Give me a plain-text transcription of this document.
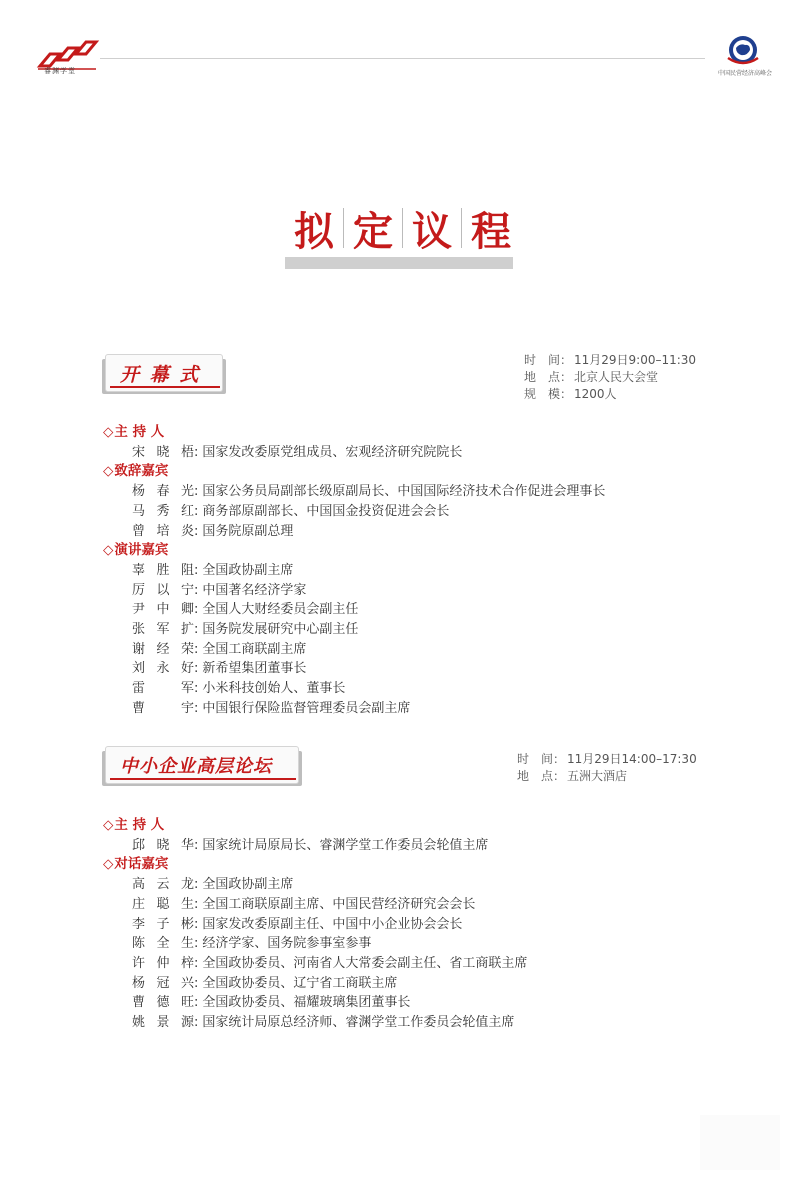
睿渊学堂	中国民营经济高峰会
拟 定 议 程
开 幕 式
时　间： 11月29日9:00–11:30
地　点： 北京人民大会堂
规　模： 1200人
◇主 持 人
宋晓梧: 国家发改委原党组成员、宏观经济研究院院长
◇致辞嘉宾
杨春光: 国家公务员局副部长级原副局长、中国国际经济技术合作促进会理事长
马秀红: 商务部原副部长、中国国金投资促进会会长
曾培炎: 国务院原副总理
◇演讲嘉宾
辜胜阻: 全国政协副主席
厉以宁: 中国著名经济学家
尹中卿: 全国人大财经委员会副主任
张军扩: 国务院发展研究中心副主任
谢经荣: 全国工商联副主席
刘永好: 新希望集团董事长
雷　军: 小米科技创始人、董事长
曹　宇: 中国银行保险监督管理委员会副主席
中小企业高层论坛	时　间： 11月29日14:00–17:30
地　点： 五洲大酒店
◇主 持 人
邱晓华: 国家统计局原局长、睿渊学堂工作委员会轮值主席
◇对话嘉宾
高云龙: 全国政协副主席
庄聪生: 全国工商联原副主席、中国民营经济研究会会长
李子彬: 国家发改委原副主任、中国中小企业协会会长
陈全生: 经济学家、国务院参事室参事
许仲梓: 全国政协委员、河南省人大常委会副主任、省工商联主席
杨冠兴: 全国政协委员、辽宁省工商联主席
曹德旺: 全国政协委员、福耀玻璃集团董事长
姚景源: 国家统计局原总经济师、睿渊学堂工作委员会轮值主席
